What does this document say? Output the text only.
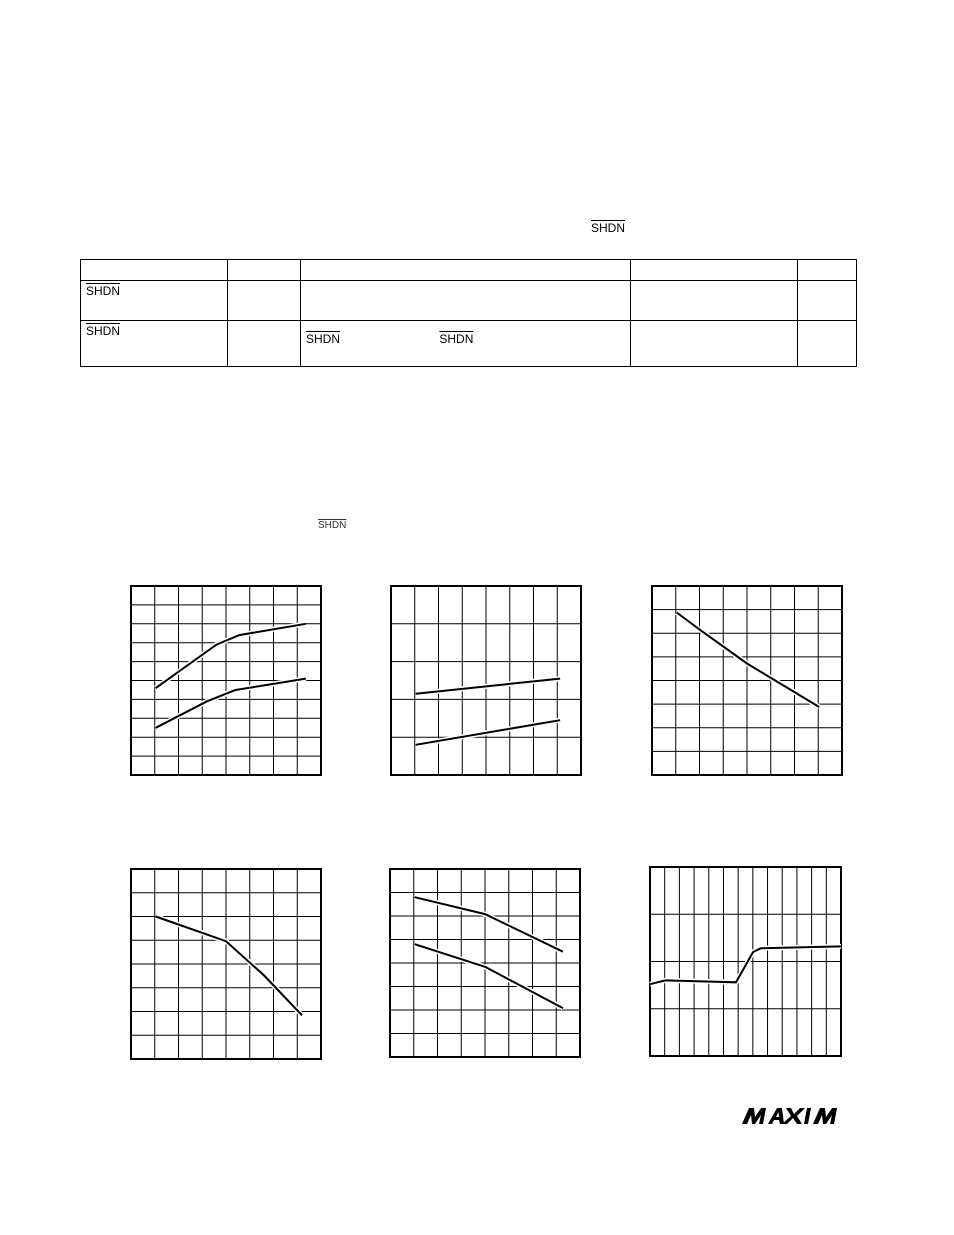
SHDN

SHDN				
SHDN		SHDN SHDN		
SHDN
